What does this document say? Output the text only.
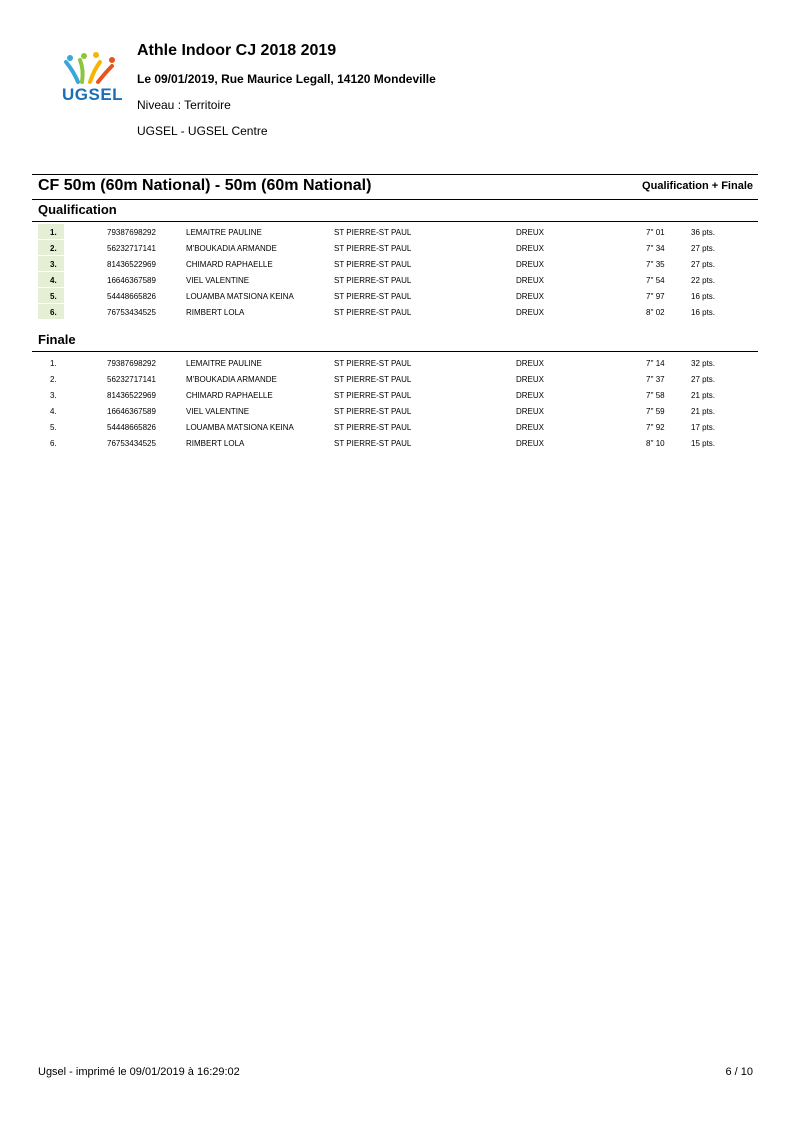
UGSEL
Athle Indoor CJ 2018 2019
Le 09/01/2019, Rue Maurice Legall, 14120 Mondeville
Niveau : Territoire
UGSEL - UGSEL Centre
CF 50m (60m National) - 50m (60m National)	Qualification + Finale
Qualification
1.	79387698292	LEMAITRE PAULINE	ST PIERRE-ST PAUL	DREUX	7'' 01	36 pts.
2.	56232717141	M'BOUKADIA ARMANDE	ST PIERRE-ST PAUL	DREUX	7'' 34	27 pts.
3.	81436522969	CHIMARD RAPHAELLE	ST PIERRE-ST PAUL	DREUX	7'' 35	27 pts.
4.	16646367589	VIEL VALENTINE	ST PIERRE-ST PAUL	DREUX	7'' 54	22 pts.
5.	54448665826	LOUAMBA MATSIONA KEINA	ST PIERRE-ST PAUL	DREUX	7'' 97	16 pts.
6.	76753434525	RIMBERT LOLA	ST PIERRE-ST PAUL	DREUX	8'' 02	16 pts.
Finale
1.	79387698292	LEMAITRE PAULINE	ST PIERRE-ST PAUL	DREUX	7'' 14	32 pts.
2.	56232717141	M'BOUKADIA ARMANDE	ST PIERRE-ST PAUL	DREUX	7'' 37	27 pts.
3.	81436522969	CHIMARD RAPHAELLE	ST PIERRE-ST PAUL	DREUX	7'' 58	21 pts.
4.	16646367589	VIEL VALENTINE	ST PIERRE-ST PAUL	DREUX	7'' 59	21 pts.
5.	54448665826	LOUAMBA MATSIONA KEINA	ST PIERRE-ST PAUL	DREUX	7'' 92	17 pts.
6.	76753434525	RIMBERT LOLA	ST PIERRE-ST PAUL	DREUX	8'' 10	15 pts.
Ugsel - imprimé le 09/01/2019 à 16:29:02	6 / 10
